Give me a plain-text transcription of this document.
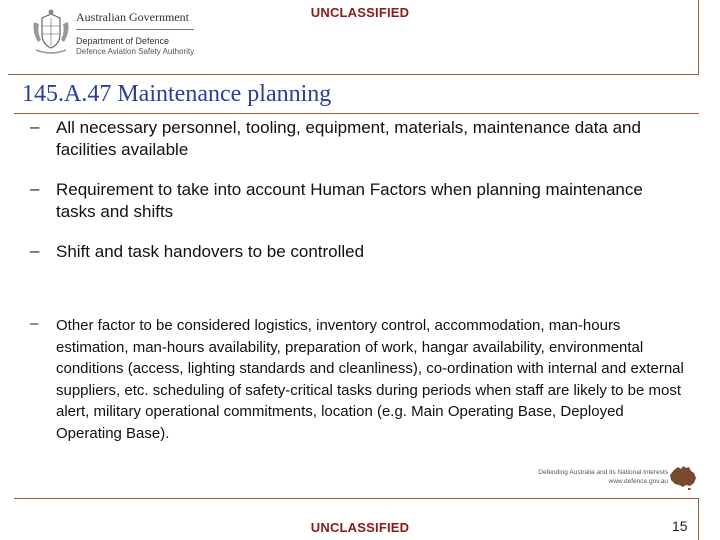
UNCLASSIFIED
Australian Government
Department of Defence
Defence Aviation Safety Authority
145.A.47 Maintenance planning
– All necessary personnel, tooling, equipment, materials, maintenance data and facilities available
– Requirement to take into account Human Factors when planning maintenance tasks and shifts
– Shift and task handovers to be controlled
– Other factor to be considered logistics, inventory control, accommodation, man-hours estimation, man-hours availability, preparation of work, hangar availability, environmental conditions (access, lighting standards and cleanliness), co-ordination with internal and external suppliers, etc. scheduling of safety-critical tasks during periods when staff are likely to be most alert, military operational commitments, location (e.g. Main Operating Base, Deployed Operating Base).
Defending Australia and its National Interests
www.defence.gov.au
UNCLASSIFIED	15
